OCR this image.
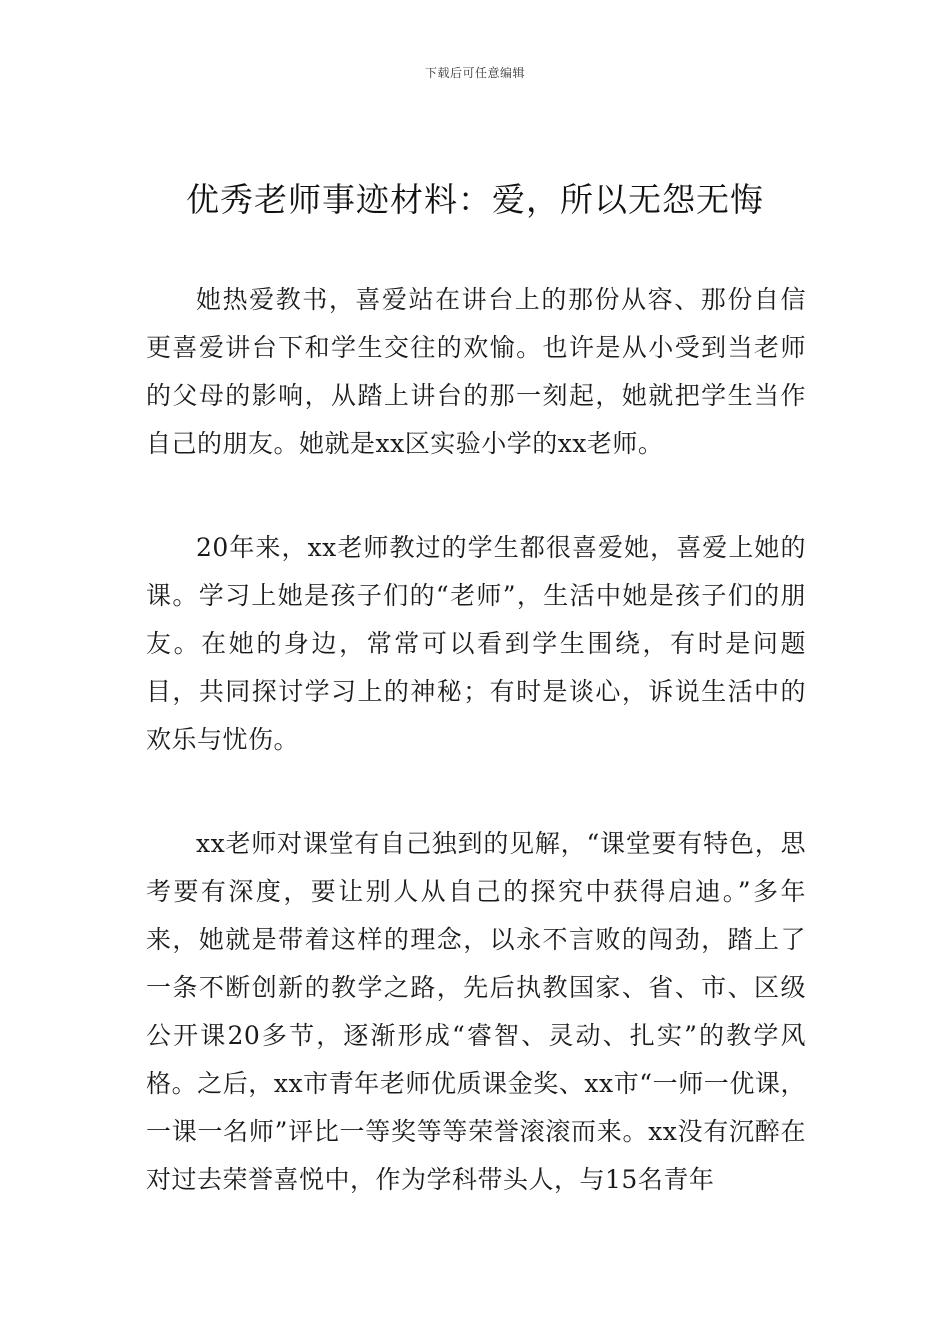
下载后可任意编辑
优秀老师事迹材料：爱，所以无怨无悔

她热爱教书，喜爱站在讲台上的那份从容、那份自信更喜爱讲台下和学生交往的欢愉。也许是从小受到当老师的父母的影响，从踏上讲台的那一刻起，她就把学生当作自己的朋友。她就是xx区实验小学的xx老师。

20年来，xx老师教过的学生都很喜爱她，喜爱上她的课。学习上她是孩子们的“老师”，生活中她是孩子们的朋友。在她的身边，常常可以看到学生围绕，有时是问题目，共同探讨学习上的神秘；有时是谈心，诉说生活中的欢乐与忧伤。

xx老师对课堂有自己独到的见解，“课堂要有特色，思考要有深度，要让别人从自己的探究中获得启迪。”多年来，她就是带着这样的理念，以永不言败的闯劲，踏上了一条不断创新的教学之路，先后执教国家、省、市、区级公开课20多节，逐渐形成“睿智、灵动、扎实”的教学风格。之后，xx市青年老师优质课金奖、xx市“一师一优课，一课一名师”评比一等奖等等荣誉滚滚而来。xx没有沉醉在对过去荣誉喜悦中，作为学科带头人，与15名青年
